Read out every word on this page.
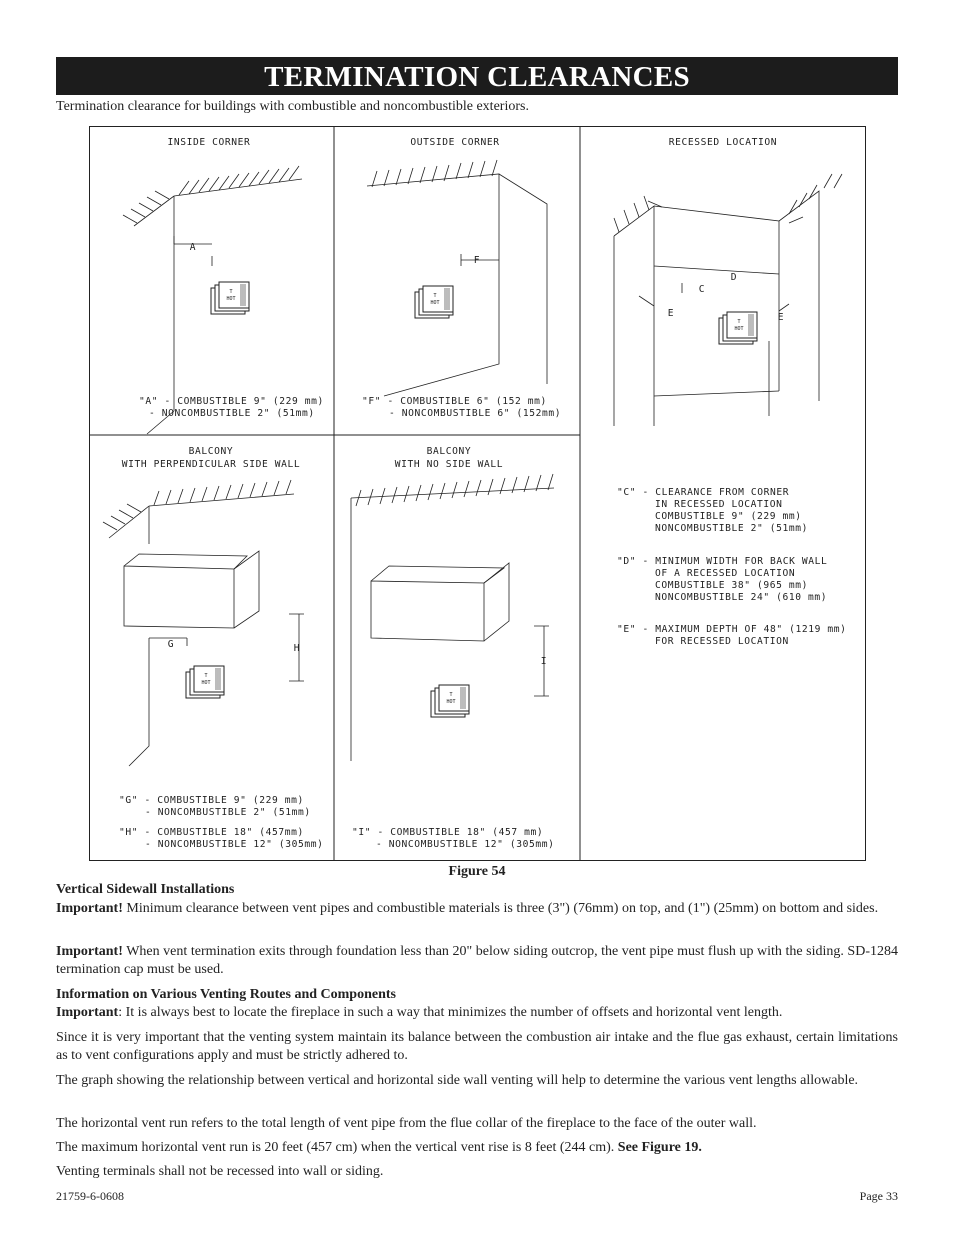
TERMINATION CLEARANCES
Termination clearance for buildings with combustible and noncombustible exteriors.
INSIDE CORNER
A
"A" - COMBUSTIBLE 9" (229 mm)
- NONCOMBUSTIBLE 2" (51mm)
OUTSIDE CORNER
F
"F" - COMBUSTIBLE 6" (152 mm)
- NONCOMBUSTIBLE 6" (152mm)
RECESSED LOCATION
D
C
E	E
"C" - CLEARANCE FROM CORNER
IN RECESSED LOCATION
COMBUSTIBLE 9" (229 mm)
NONCOMBUSTIBLE 2" (51mm)
"D" - MINIMUM WIDTH FOR BACK WALL
OF A RECESSED LOCATION
COMBUSTIBLE 38" (965 mm)
NONCOMBUSTIBLE 24" (610 mm)
"E" - MAXIMUM DEPTH OF 48" (1219 mm)
FOR RECESSED LOCATION
BALCONY
WITH PERPENDICULAR SIDE WALL
G	H
"G" - COMBUSTIBLE 9" (229 mm)
- NONCOMBUSTIBLE 2" (51mm)
"H" - COMBUSTIBLE 18" (457mm)
- NONCOMBUSTIBLE 12" (305mm)
BALCONY
WITH NO SIDE WALL
I
"I" - COMBUSTIBLE 18" (457 mm)
- NONCOMBUSTIBLE 12" (305mm)
T
HOT	T
HOT
T
HOT
T
HOT
T
HOT
Figure 54
Vertical Sidewall Installations
Important! Minimum clearance between vent pipes and combustible materials is three (3") (76mm) on top, and (1") (25mm) on bottom and sides.
Important! When vent termination exits through foundation less than 20" below siding outcrop, the vent pipe must flush up with the siding. SD-1284 termination cap must be used.
Information on Various Venting Routes and Components
Important: It is always best to locate the fireplace in such a way that minimizes the number of offsets and horizontal vent length.
Since it is very important that the venting system maintain its balance between the combustion air intake and the flue gas exhaust, certain limitations as to vent configurations apply and must be strictly adhered to.
The graph showing the relationship between vertical and horizontal side wall venting will help to determine the various vent lengths allowable.
The horizontal vent run refers to the total length of vent pipe from the flue collar of the fireplace to the face of the outer wall.
The maximum horizontal vent run is 20 feet (457 cm) when the vertical vent rise is 8 feet (244 cm). See Figure 19.
Venting terminals shall not be recessed into wall or siding.
21759-6-0608	Page 33
